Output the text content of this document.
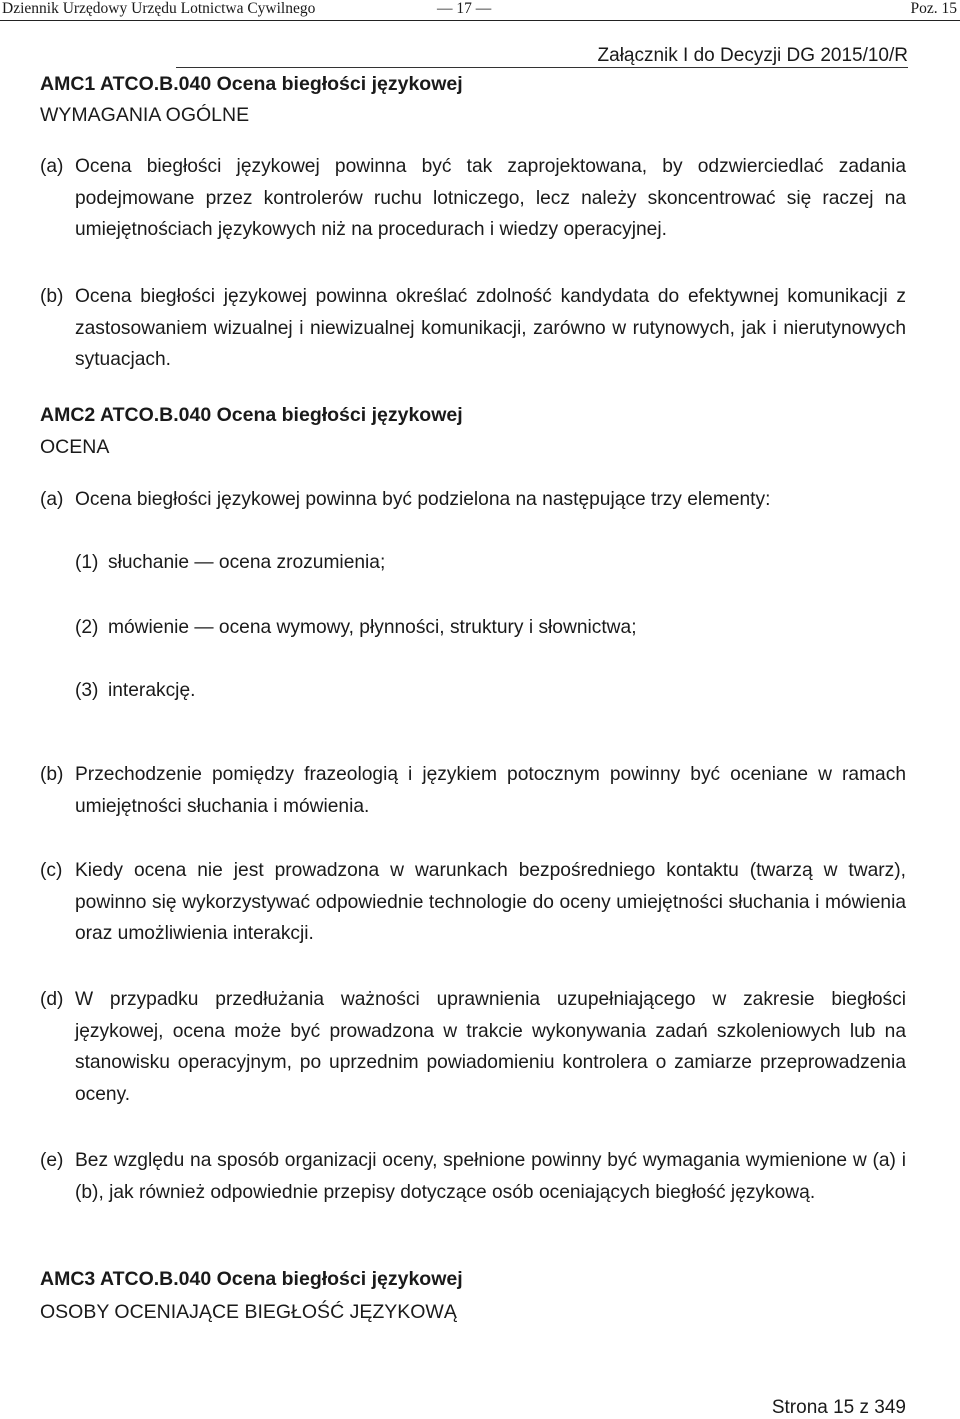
Dziennik Urzędowy Urzędu Lotnictwa Cywilnego	— 17 —	Poz. 15
Załącznik I do Decyzji DG 2015/10/R
AMC1 ATCO.B.040 Ocena biegłości językowej
WYMAGANIA OGÓLNE
(a) Ocena biegłości językowej powinna być tak zaprojektowana, by odzwierciedlać zadania podejmowane przez kontrolerów ruchu lotniczego, lecz należy skoncentrować się raczej na umiejętnościach językowych niż na procedurach i wiedzy operacyjnej.
(b) Ocena biegłości językowej powinna określać zdolność kandydata do efektywnej komunikacji z zastosowaniem wizualnej i niewizualnej komunikacji, zarówno w rutynowych, jak i nierutynowych sytuacjach.
AMC2 ATCO.B.040 Ocena biegłości językowej
OCENA
(a) Ocena biegłości językowej powinna być podzielona na następujące trzy elementy:
(1) słuchanie — ocena zrozumienia;
(2) mówienie — ocena wymowy, płynności, struktury i słownictwa;
(3) interakcję.
(b) Przechodzenie pomiędzy frazeologią i językiem potocznym powinny być oceniane w ramach umiejętności słuchania i mówienia.
(c) Kiedy ocena nie jest prowadzona w warunkach bezpośredniego kontaktu (twarzą w twarz), powinno się wykorzystywać odpowiednie technologie do oceny umiejętności słuchania i mówienia oraz umożliwienia interakcji.
(d) W przypadku przedłużania ważności uprawnienia uzupełniającego w zakresie biegłości językowej, ocena może być prowadzona w trakcie wykonywania zadań szkoleniowych lub na stanowisku operacyjnym, po uprzednim powiadomieniu kontrolera o zamiarze przeprowadzenia oceny.
(e) Bez względu na sposób organizacji oceny, spełnione powinny być wymagania wymienione w (a) i (b), jak również odpowiednie przepisy dotyczące osób oceniających biegłość językową.
AMC3 ATCO.B.040 Ocena biegłości językowej
OSOBY OCENIAJĄCE BIEGŁOŚĆ JĘZYKOWĄ
Strona 15 z 349
